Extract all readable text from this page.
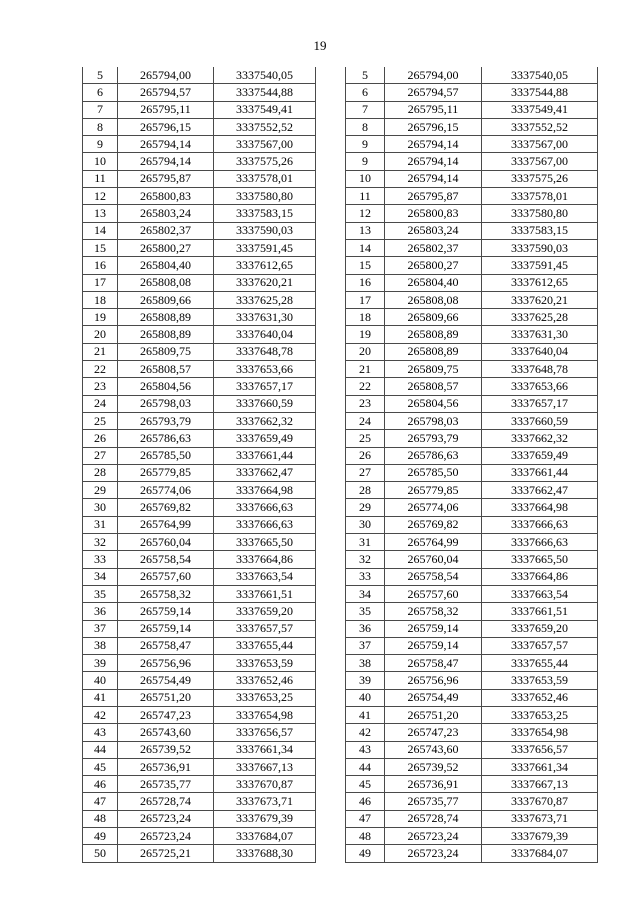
19
5	265794,00	3337540,05
6	265794,57	3337544,88
7	265795,11	3337549,41
8	265796,15	3337552,52
9	265794,14	3337567,00
10	265794,14	3337575,26
11	265795,87	3337578,01
12	265800,83	3337580,80
13	265803,24	3337583,15
14	265802,37	3337590,03
15	265800,27	3337591,45
16	265804,40	3337612,65
17	265808,08	3337620,21
18	265809,66	3337625,28
19	265808,89	3337631,30
20	265808,89	3337640,04
21	265809,75	3337648,78
22	265808,57	3337653,66
23	265804,56	3337657,17
24	265798,03	3337660,59
25	265793,79	3337662,32
26	265786,63	3337659,49
27	265785,50	3337661,44
28	265779,85	3337662,47
29	265774,06	3337664,98
30	265769,82	3337666,63
31	265764,99	3337666,63
32	265760,04	3337665,50
33	265758,54	3337664,86
34	265757,60	3337663,54
35	265758,32	3337661,51
36	265759,14	3337659,20
37	265759,14	3337657,57
38	265758,47	3337655,44
39	265756,96	3337653,59
40	265754,49	3337652,46
41	265751,20	3337653,25
42	265747,23	3337654,98
43	265743,60	3337656,57
44	265739,52	3337661,34
45	265736,91	3337667,13
46	265735,77	3337670,87
47	265728,74	3337673,71
48	265723,24	3337679,39
49	265723,24	3337684,07
50	265725,21	3337688,30
5	265794,00	3337540,05
6	265794,57	3337544,88
7	265795,11	3337549,41
8	265796,15	3337552,52
9	265794,14	3337567,00
9	265794,14	3337567,00
10	265794,14	3337575,26
11	265795,87	3337578,01
12	265800,83	3337580,80
13	265803,24	3337583,15
14	265802,37	3337590,03
15	265800,27	3337591,45
16	265804,40	3337612,65
17	265808,08	3337620,21
18	265809,66	3337625,28
19	265808,89	3337631,30
20	265808,89	3337640,04
21	265809,75	3337648,78
22	265808,57	3337653,66
23	265804,56	3337657,17
24	265798,03	3337660,59
25	265793,79	3337662,32
26	265786,63	3337659,49
27	265785,50	3337661,44
28	265779,85	3337662,47
29	265774,06	3337664,98
30	265769,82	3337666,63
31	265764,99	3337666,63
32	265760,04	3337665,50
33	265758,54	3337664,86
34	265757,60	3337663,54
35	265758,32	3337661,51
36	265759,14	3337659,20
37	265759,14	3337657,57
38	265758,47	3337655,44
39	265756,96	3337653,59
40	265754,49	3337652,46
41	265751,20	3337653,25
42	265747,23	3337654,98
43	265743,60	3337656,57
44	265739,52	3337661,34
45	265736,91	3337667,13
46	265735,77	3337670,87
47	265728,74	3337673,71
48	265723,24	3337679,39
49	265723,24	3337684,07
